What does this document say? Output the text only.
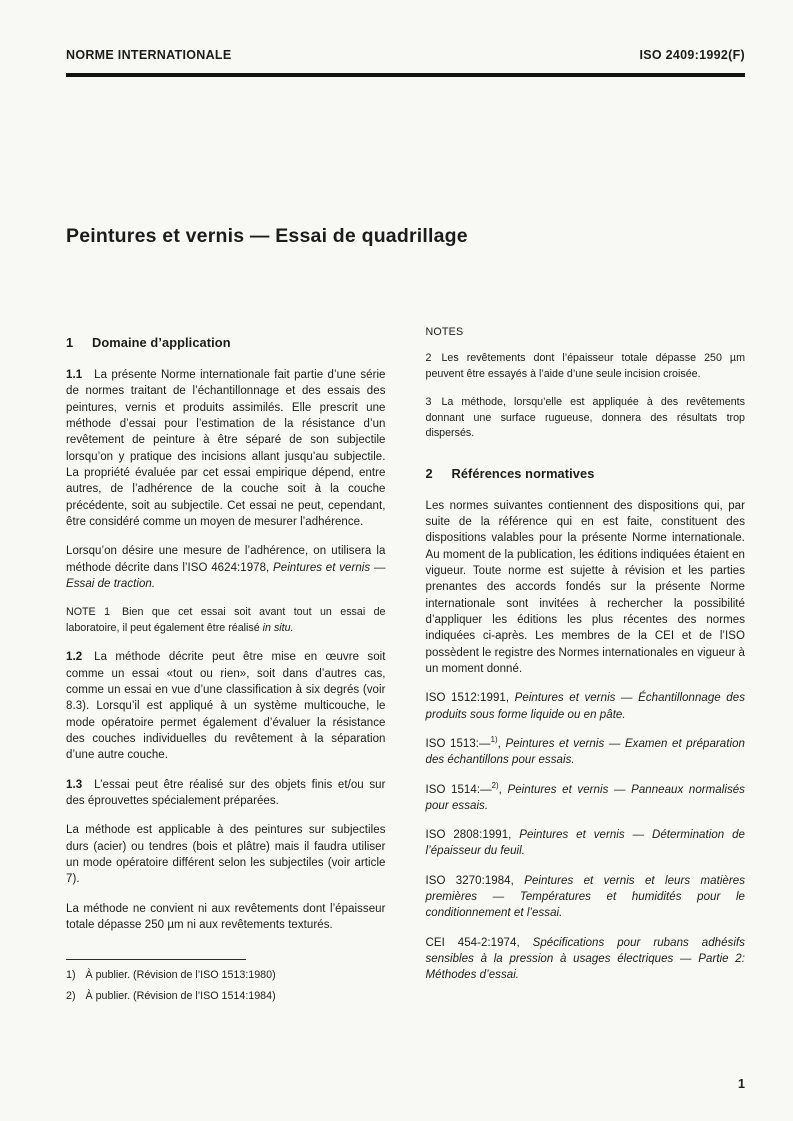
NORME INTERNATIONALE	ISO 2409:1992(F)
Peintures et vernis — Essai de quadrillage
1 Domaine d’application

1.1 La présente Norme internationale fait partie d’une série de normes traitant de l’échantillonnage et des essais des peintures, vernis et produits assimilés. Elle prescrit une méthode d’essai pour l’estimation de la résistance d’un revêtement de peinture à être séparé de son subjectile lorsqu’on y pratique des incisions allant jusqu’au subjectile. La propriété évaluée par cet essai empirique dépend, entre autres, de l’adhérence de la couche soit à la couche précédente, soit au subjectile. Cet essai ne peut, cependant, être considéré comme un moyen de mesurer l’adhérence.

Lorsqu’on désire une mesure de l’adhérence, on utilisera la méthode décrite dans l’ISO 4624:1978, Peintures et vernis — Essai de traction.

NOTE 1 Bien que cet essai soit avant tout un essai de laboratoire, il peut également être réalisé in situ.

1.2 La méthode décrite peut être mise en œuvre soit comme un essai «tout ou rien», soit dans d’autres cas, comme un essai en vue d’une classification à six degrés (voir 8.3). Lorsqu’il est appliqué à un système multicouche, le mode opératoire permet également d’évaluer la résistance des couches individuelles du revêtement à la séparation d’une autre couche.

1.3 L’essai peut être réalisé sur des objets finis et/ou sur des éprouvettes spécialement préparées.

La méthode est applicable à des peintures sur subjectiles durs (acier) ou tendres (bois et plâtre) mais il faudra utiliser un mode opératoire différent selon les subjectiles (voir article 7).

La méthode ne convient ni aux revêtements dont l’épaisseur totale dépasse 250 µm ni aux revêtements texturés.

1) À publier. (Révision de l’ISO 1513:1980)

2) À publier. (Révision de l’ISO 1514:1984)

NOTES

2 Les revêtements dont l’épaisseur totale dépasse 250 µm peuvent être essayés à l’aide d’une seule incision croisée.

3 La méthode, lorsqu’elle est appliquée à des revêtements donnant une surface rugueuse, donnera des résultats trop dispersés.

2 Références normatives

Les normes suivantes contiennent des dispositions qui, par suite de la référence qui en est faite, constituent des dispositions valables pour la présente Norme internationale. Au moment de la publication, les éditions indiquées étaient en vigueur. Toute norme est sujette à révision et les parties prenantes des accords fondés sur la présente Norme internationale sont invitées à rechercher la possibilité d’appliquer les éditions les plus récentes des normes indiquées ci-après. Les membres de la CEI et de l’ISO possèdent le registre des Normes internationales en vigueur à un moment donné.

ISO 1512:1991, Peintures et vernis — Échantillonnage des produits sous forme liquide ou en pâte.

ISO 1513:—$^{1)}$, Peintures et vernis — Examen et préparation des échantillons pour essais.

ISO 1514:—$^{2)}$, Peintures et vernis — Panneaux normalisés pour essais.

ISO 2808:1991, Peintures et vernis — Détermination de l’épaisseur du feuil.

ISO 3270:1984, Peintures et vernis et leurs matières premières — Températures et humidités pour le conditionnement et l’essai.

CEI 454-2:1974, Spécifications pour rubans adhésifs sensibles à la pression à usages électriques — Partie 2: Méthodes d’essai.

1
